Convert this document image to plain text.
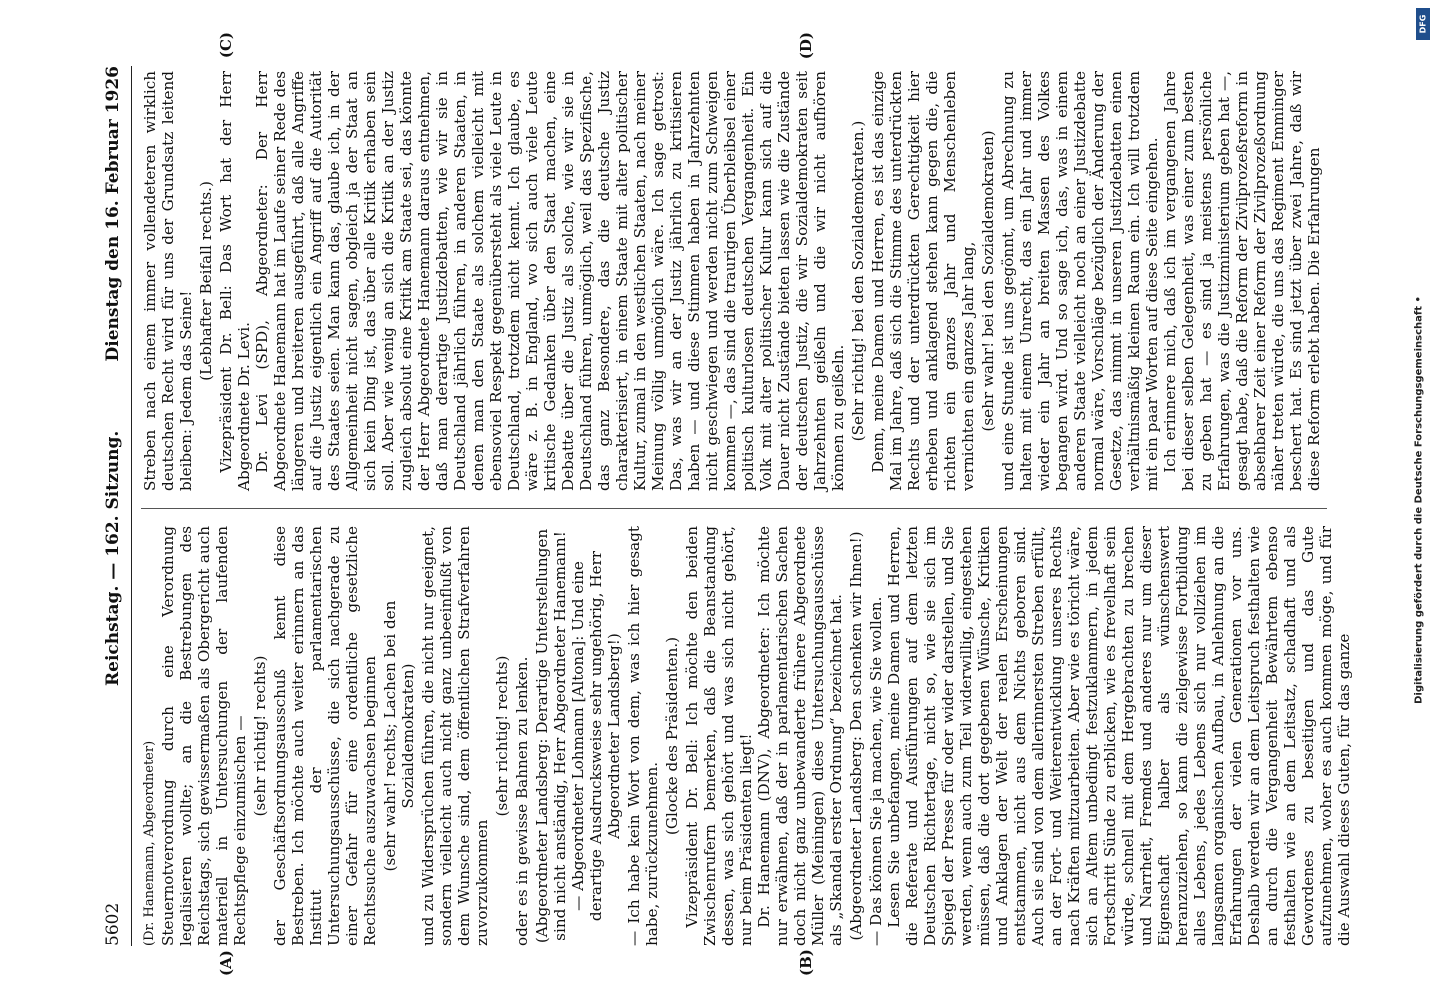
5602
Reichstag. — 162. Sitzung.
Dienstag den 16. Februar 1926
(A)	(B)
(C)	(D)

(Dr. Hanemann, Abgeordneter) Steuernotverordnung durch eine Verordnung legalisieren wollte; an die Bestrebungen des Reichstags, sich gewissermaßen als Obergericht auch materiell in Untersuchungen der laufenden Rechtspflege einzumischen — (sehr richtig! rechts) der Geschäftsordnungsausschuß kennt diese Bestreben. Ich möchte auch weiter erinnern an das Institut der parlamentarischen Untersuchungsausschüsse, die sich nachgerade zu einer Gefahr für eine ordentliche gesetzliche Rechtssuche auszuwachsen beginnen (sehr wahr! rechts; Lachen bei den Sozialdemokraten) und zu Widersprüchen führen, die nicht nur geeignet, sondern vielleicht auch nicht ganz unbeeinflußt von dem Wunsche sind, dem öffentlichen Strafverfahren zuvorzukommen

(sehr richtig! rechts) oder es in gewisse Bahnen zu lenken. (Abgeordneter Landsberg: Derartige Unterstellungen sind nicht anständig, Herr Abgeordneter Hanemann! — Abgeordneter Lohmann [Altona]: Und eine derartige Ausdrucksweise sehr ungehörig, Herr Abgeordneter Landsberg!) — Ich habe kein Wort von dem, was ich hier gesagt habe, zurückzunehmen.

(Glocke des Präsidenten.) Vizepräsident Dr. Bell: Ich möchte den beiden Zwischenrufern bemerken, daß die Beanstandung dessen, was sich gehört und was sich nicht gehört, nur beim Präsidenten liegt! Dr. Hanemann (DNV), Abgeordneter: Ich möchte nur erwähnen, daß der in parlamentarischen Sachen doch nicht ganz unbewanderte frühere Abgeordnete Müller (Meiningen) diese Untersuchungsausschüsse als „Skandal erster Ordnung“ bezeichnet hat. (Abgeordneter Landsberg: Den schenken wir Ihnen!) — Das können Sie ja machen, wie Sie wollen. Lesen Sie unbefangen, meine Damen und Herren, die Referate und Ausführungen auf dem letzten Deutschen Richtertage, nicht so, wie sie sich im Spiegel der Presse für oder wider darstellen, und Sie werden, wenn auch zum Teil widerwillig, eingestehen müssen, daß die dort gegebenen Wünsche, Kritiken und Anklagen der Welt der realen Erscheinungen entstammen, nicht aus dem Nichts geboren sind. Auch sie sind von dem allerinnersten Streben erfüllt, an der Fort- und Weiterentwicklung unseres Rechts nach Kräften mitzuarbeiten. Aber wie es töricht wäre, sich an Altem unbedingt festzuklammern, in jedem Fortschritt Sünde zu erblicken, wie es frevelhaft sein würde, schnell mit dem Hergebrachten zu brechen und Narrheit, Fremdes und anderes nur um dieser Eigenschaft halber als wünschenswert heranzuziehen, so kann die zielgewisse Fortbildung alles Lebens, jedes Lebens sich nur vollziehen im langsamen organischen Aufbau, in Anlehnung an die Erfahrungen der vielen Generationen vor uns. Deshalb werden wir an dem Leitspruch festhalten wie an durch die Vergangenheit Bewährtem ebenso festhalten wie an dem Leitsatz, schadhaft und als Gewordenes zu beseitigen und das Gute aufzunehmen, woher es auch kommen möge, und für die Auswahl dieses Guten, für das ganze

Streben nach einem immer vollendeteren wirklich deutschen Recht wird für uns der Grundsatz leitend bleiben: Jedem das Seine!

(Lebhafter Beifall rechts.) Vizepräsident Dr. Bell: Das Wort hat der Herr Abgeordnete Dr. Levi. Dr. Levi (SPD), Abgeordneter: Der Herr Abgeordnete Hanemann hat im Laufe seiner Rede des längeren und breiteren ausgeführt, daß alle Angriffe auf die Justiz eigentlich ein Angriff auf die Autorität des Staates seien. Man kann das, glaube ich, in der Allgemeinheit nicht sagen, obgleich ja der Staat an sich kein Ding ist, das über alle Kritik erhaben sein soll. Aber wie wenig an sich die Kritik an der Justiz zugleich absolut eine Kritik am Staate sei, das könnte der Herr Abgeordnete Hanemann daraus entnehmen, daß man derartige Justizdebatten, wie wir sie in Deutschland jährlich führen, in anderen Staaten, in denen man den Staate als solchem vielleicht mit ebensoviel Respekt gegenübersteht als viele Leute in Deutschland, trotzdem nicht kennt. Ich glaube, es wäre z. B. in England, wo sich auch viele Leute kritische Gedanken über den Staat machen, eine Debatte über die Justiz als solche, wie wir sie in Deutschland führen, unmöglich, weil das Spezifische, das ganz Besondere, das die deutsche Justiz charakterisiert, in einem Staate mit alter politischer Kultur, zumal in den westlichen Staaten, nach meiner Meinung völlig unmöglich wäre. Ich sage getrost: Das, was wir an der Justiz jährlich zu kritisieren haben — und diese Stimmen haben in Jahrzehnten nicht geschwiegen und werden nicht zum Schweigen kommen —, das sind die traurigen Überbleibsel einer politisch kulturlosen deutschen Vergangenheit. Ein Volk mit alter politischer Kultur kann sich auf die Dauer nicht Zustände bieten lassen wie die Zustände der deutschen Justiz, die wir Sozialdemokraten seit Jahrzehnten geißeln und die wir nicht aufhören können zu geißeln. (Sehr richtig! bei den Sozialdemokraten.) Denn, meine Damen und Herren, es ist das einzige Mal im Jahre, daß sich die Stimme des unterdrückten Rechts und der unterdrückten Gerechtigkeit hier erheben und anklagend stehen kann gegen die, die richten ein ganzes Jahr und Menschenleben vernichten ein ganzes Jahr lang, (sehr wahr! bei den Sozialdemokraten) und eine Stunde ist uns gegönnt, um Abrechnung zu halten mit einem Unrecht, das ein Jahr und immer wieder ein Jahr an breiten Massen des Volkes begangen wird. Und so sage ich, das, was in einem anderen Staate vielleicht noch an einer Justizdebatte normal wäre, Vorschläge bezüglich der Änderung der Gesetze, das nimmt in unseren Justizdebatten einen verhältnismäßig kleinen Raum ein. Ich will trotzdem mit ein paar Worten auf diese Seite eingehen. Ich erinnere mich, daß ich im vergangenen Jahre bei dieser selben Gelegenheit, was einer zum besten zu geben hat — es sind ja meistens persönliche Erfahrungen, was die Justizministerium geben hat —, gesagt habe, daß die Reform der Zivilprozeßreform in absehbarer Zeit einer Reform der Zivilprozeßordnung näher treten würde, die uns das Regiment Emminger beschert hat. Es sind jetzt über zwei Jahre, daß wir diese Reform erlebt haben. Die Erfahrungen	Digitalisierung gefördert durch die Deutsche Forschungsgemeinschaft •
DFG
